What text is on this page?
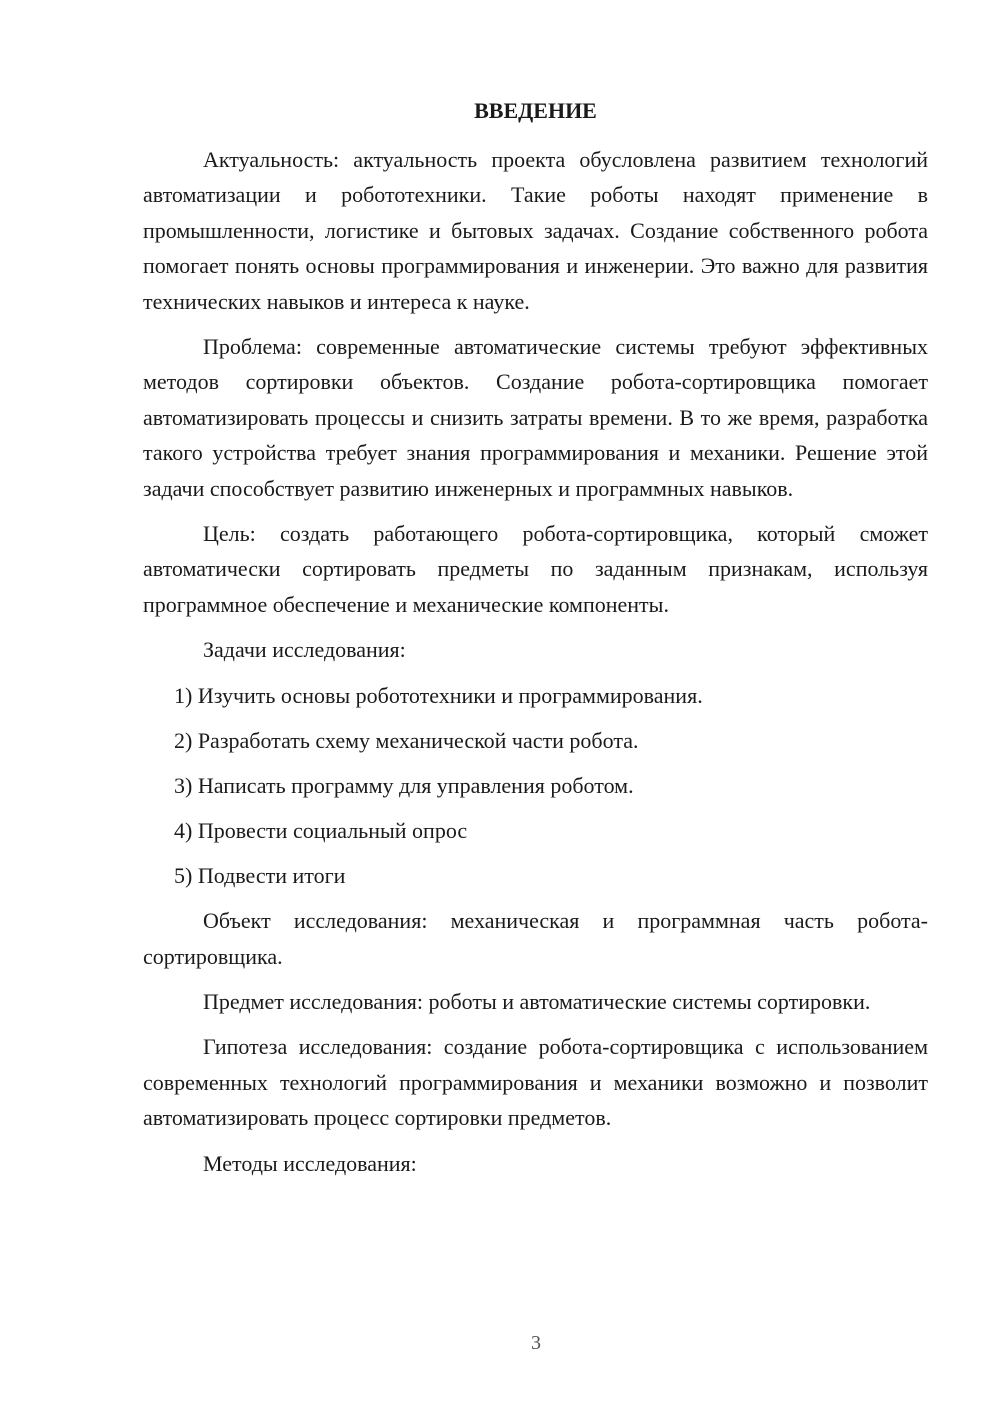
ВВЕДЕНИЕ

Актуальность: актуальность проекта обусловлена развитием технологий автоматизации и робототехники. Такие роботы находят применение в промышленности, логистике и бытовых задачах. Создание собственного робота помогает понять основы программирования и инженерии. Это важно для развития технических навыков и интереса к науке.

Проблема: современные автоматические системы требуют эффективных методов сортировки объектов. Создание робота-сортировщика помогает автоматизировать процессы и снизить затраты времени. В то же время, разработка такого устройства требует знания программирования и механики. Решение этой задачи способствует развитию инженерных и программных навыков.

Цель: создать работающего робота-сортировщика, который сможет автоматически сортировать предметы по заданным признакам, используя программное обеспечение и механические компоненты.

Задачи исследования:

1) Изучить основы робототехники и программирования.

2) Разработать схему механической части робота.

3) Написать программу для управления роботом.

4) Провести социальный опрос

5) Подвести итоги

Объект исследования: механическая и программная часть робота-сортировщика.

Предмет исследования: роботы и автоматические системы сортировки.

Гипотеза исследования: создание робота-сортировщика с использованием современных технологий программирования и механики возможно и позволит автоматизировать процесс сортировки предметов.

Методы исследования:

3
